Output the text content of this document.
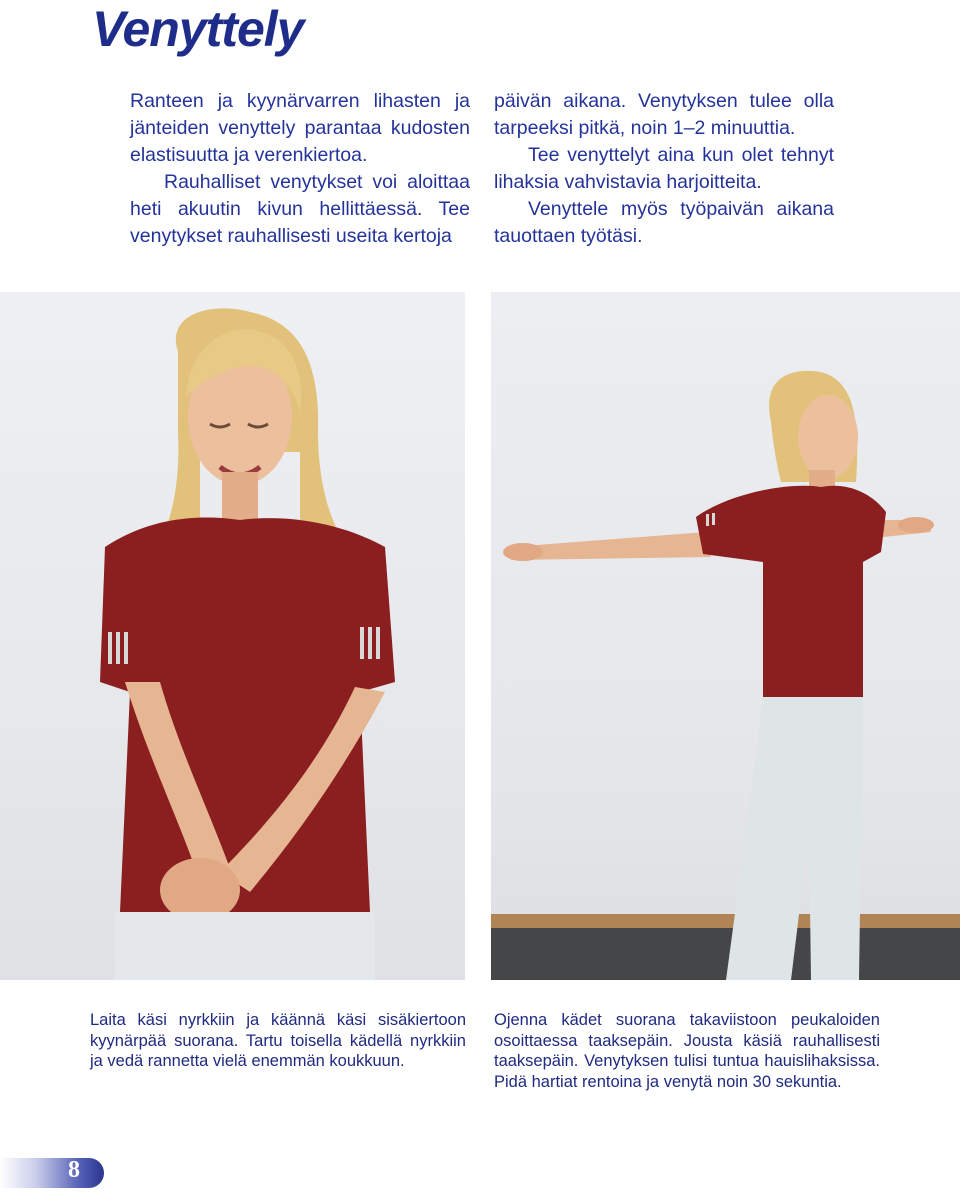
Venyttely

Ranteen ja kyynärvarren lihasten ja jänteiden venyttely parantaa kudosten elastisuutta ja verenkiertoa.

Rauhalliset venytykset voi aloittaa heti akuutin kivun hellittäessä. Tee venytykset rauhallisesti useita kertoja

päivän aikana. Venytyksen tulee olla tarpeeksi pitkä, noin 1–2 minuuttia.

Tee venyttelyt aina kun olet tehnyt lihaksia vahvistavia harjoitteita.

Venyttele myös työpaivän aikana tauottaen työtäsi.

Laita käsi nyrkkiin ja käännä käsi sisäkiertoon kyynärpää suorana. Tartu toisella kädellä nyrkkiin ja vedä rannetta vielä enemmän koukkuun.
Ojenna kädet suorana takaviistoon peukaloiden osoittaessa taaksepäin. Jousta käsiä rauhallisesti taaksepäin. Venytyksen tulisi tuntua hauislihaksissa. Pidä hartiat rentoina ja venytä noin 30 sekuntia.
8
